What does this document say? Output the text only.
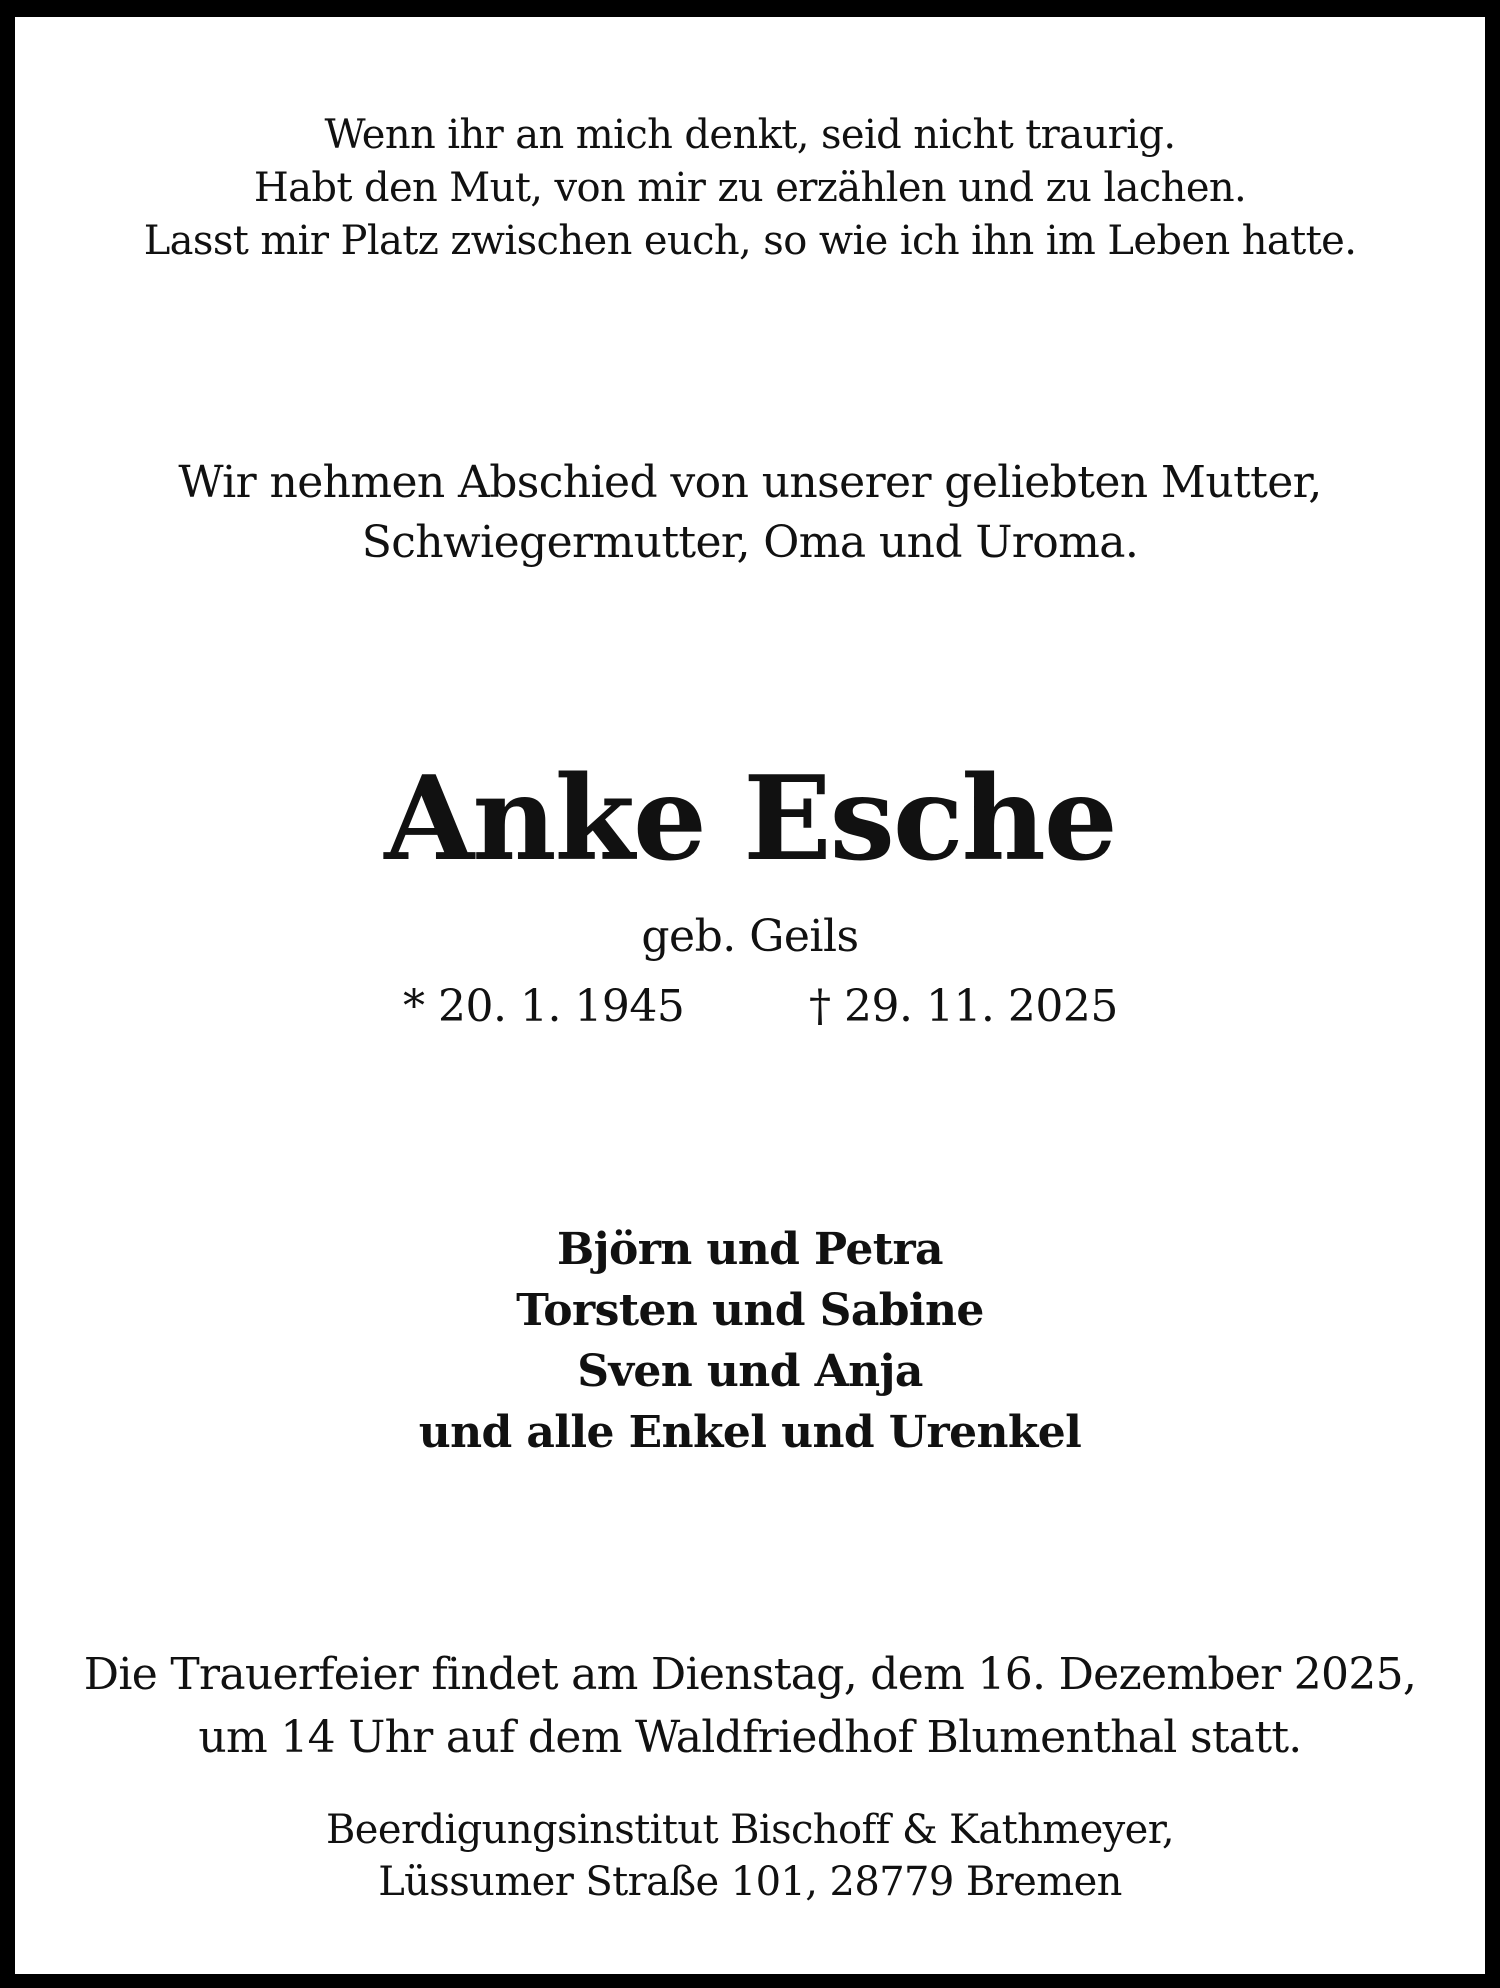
Wenn ihr an mich denkt, seid nicht traurig.
Habt den Mut, von mir zu erzählen und zu lachen.
Lasst mir Platz zwischen euch, so wie ich ihn im Leben hatte.
Wir nehmen Abschied von unserer geliebten Mutter,
Schwiegermutter, Oma und Uroma.
Anke Esche
geb. Geils
* 20. 1. 1945	† 29. 11. 2025
Björn und Petra
Torsten und Sabine
Sven und Anja
und alle Enkel und Urenkel
Die Trauerfeier findet am Dienstag, dem 16. Dezember 2025,
um 14 Uhr auf dem Waldfriedhof Blumenthal statt.
Beerdigungsinstitut Bischoff & Kathmeyer,
Lüssumer Straße 101, 28779 Bremen
